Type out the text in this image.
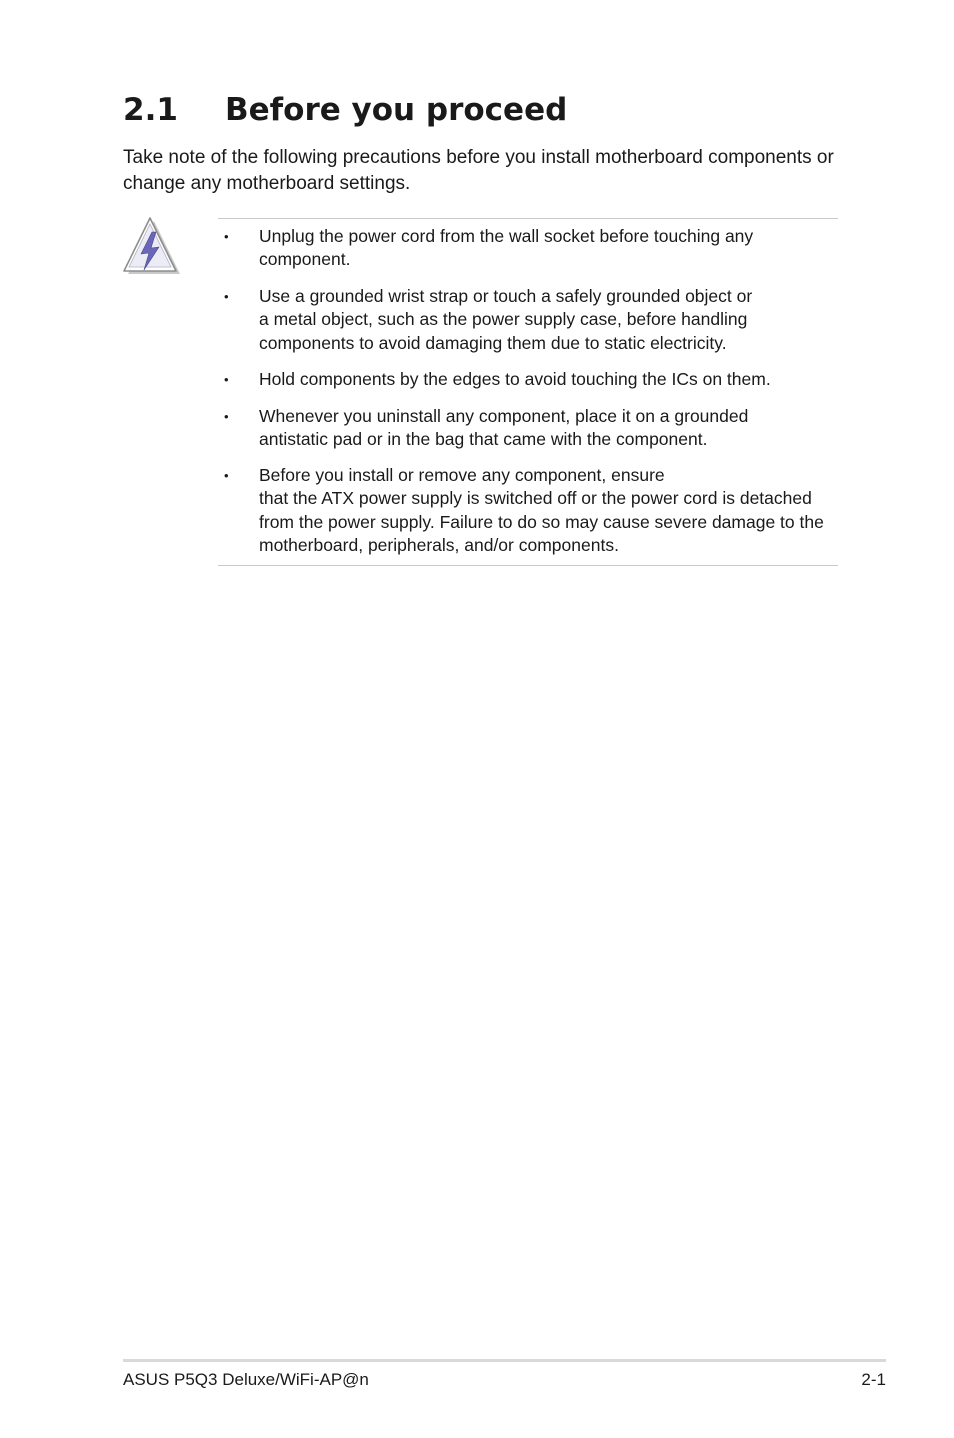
2.1 Before you proceed

Take note of the following precautions before you install motherboard components or change any motherboard settings.

• Unplug the power cord from the wall socket before touching any
component.
• Use a grounded wrist strap or touch a safely grounded object or
a metal object, such as the power supply case, before handling
components to avoid damaging them due to static electricity.
• Hold components by the edges to avoid touching the ICs on them.
• Whenever you uninstall any component, place it on a grounded
antistatic pad or in the bag that came with the component.
• Before you install or remove any component, ensure
that the ATX power supply is switched off or the power cord is detached
from the power supply. Failure to do so may cause severe damage to the
motherboard, peripherals, and/or components.
ASUS P5Q3 Deluxe/WiFi-AP@n	2-1
